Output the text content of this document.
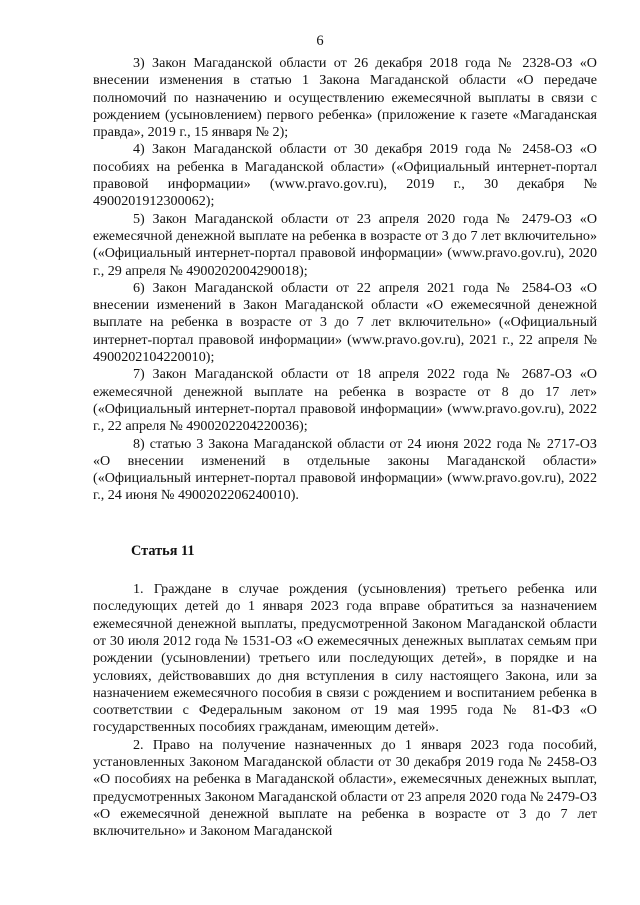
6

3) Закон Магаданской области от 26 декабря 2018 года № 2328-ОЗ «О внесении изменения в статью 1 Закона Магаданской области «О передаче полномочий по назначению и осуществлению ежемесячной выплаты в связи с рождением (усыновлением) первого ребенка» (приложение к газете «Магаданская правда», 2019 г., 15 января № 2);

4) Закон Магаданской области от 30 декабря 2019 года № 2458-ОЗ «О пособиях на ребенка в Магаданской области» («Официальный интернет-портал правовой информации» (www.pravo.gov.ru), 2019 г., 30 декабря № 4900201912300062);

5) Закон Магаданской области от 23 апреля 2020 года № 2479-ОЗ «О ежемесячной денежной выплате на ребенка в возрасте от 3 до 7 лет включительно» («Официальный интернет-портал правовой информации» (www.pravo.gov.ru), 2020 г., 29 апреля № 4900202004290018);

6) Закон Магаданской области от 22 апреля 2021 года № 2584-ОЗ «О внесении изменений в Закон Магаданской области «О ежемесячной денежной выплате на ребенка в возрасте от 3 до 7 лет включительно» («Официальный интернет-портал правовой информации» (www.pravo.gov.ru), 2021 г., 22 апреля № 4900202104220010);

7) Закон Магаданской области от 18 апреля 2022 года № 2687-ОЗ «О ежемесячной денежной выплате на ребенка в возрасте от 8 до 17 лет» («Официальный интернет-портал правовой информации» (www.pravo.gov.ru), 2022 г., 22 апреля № 4900202204220036);

8) статью 3 Закона Магаданской области от 24 июня 2022 года № 2717-ОЗ «О внесении изменений в отдельные законы Магаданской области» («Официальный интернет-портал правовой информации» (www.pravo.gov.ru), 2022 г., 24 июня № 4900202206240010).

Статья 11

1. Граждане в случае рождения (усыновления) третьего ребенка или последующих детей до 1 января 2023 года вправе обратиться за назначением ежемесячной денежной выплаты, предусмотренной Законом Магаданской области от 30 июля 2012 года № 1531-ОЗ «О ежемесячных денежных выплатах семьям при рождении (усыновлении) третьего или последующих детей», в порядке и на условиях, действовавших до дня вступления в силу настоящего Закона, или за назначением ежемесячного пособия в связи с рождением и воспитанием ребенка в соответствии с Федеральным законом от 19 мая 1995 года № 81-ФЗ «О государственных пособиях гражданам, имеющим детей».

2. Право на получение назначенных до 1 января 2023 года пособий, установленных Законом Магаданской области от 30 декабря 2019 года № 2458-ОЗ «О пособиях на ребенка в Магаданской области», ежемесячных денежных выплат, предусмотренных Законом Магаданской области от 23 апреля 2020 года № 2479-ОЗ «О ежемесячной денежной выплате на ребенка в возрасте от 3 до 7 лет включительно» и Законом Магаданской
